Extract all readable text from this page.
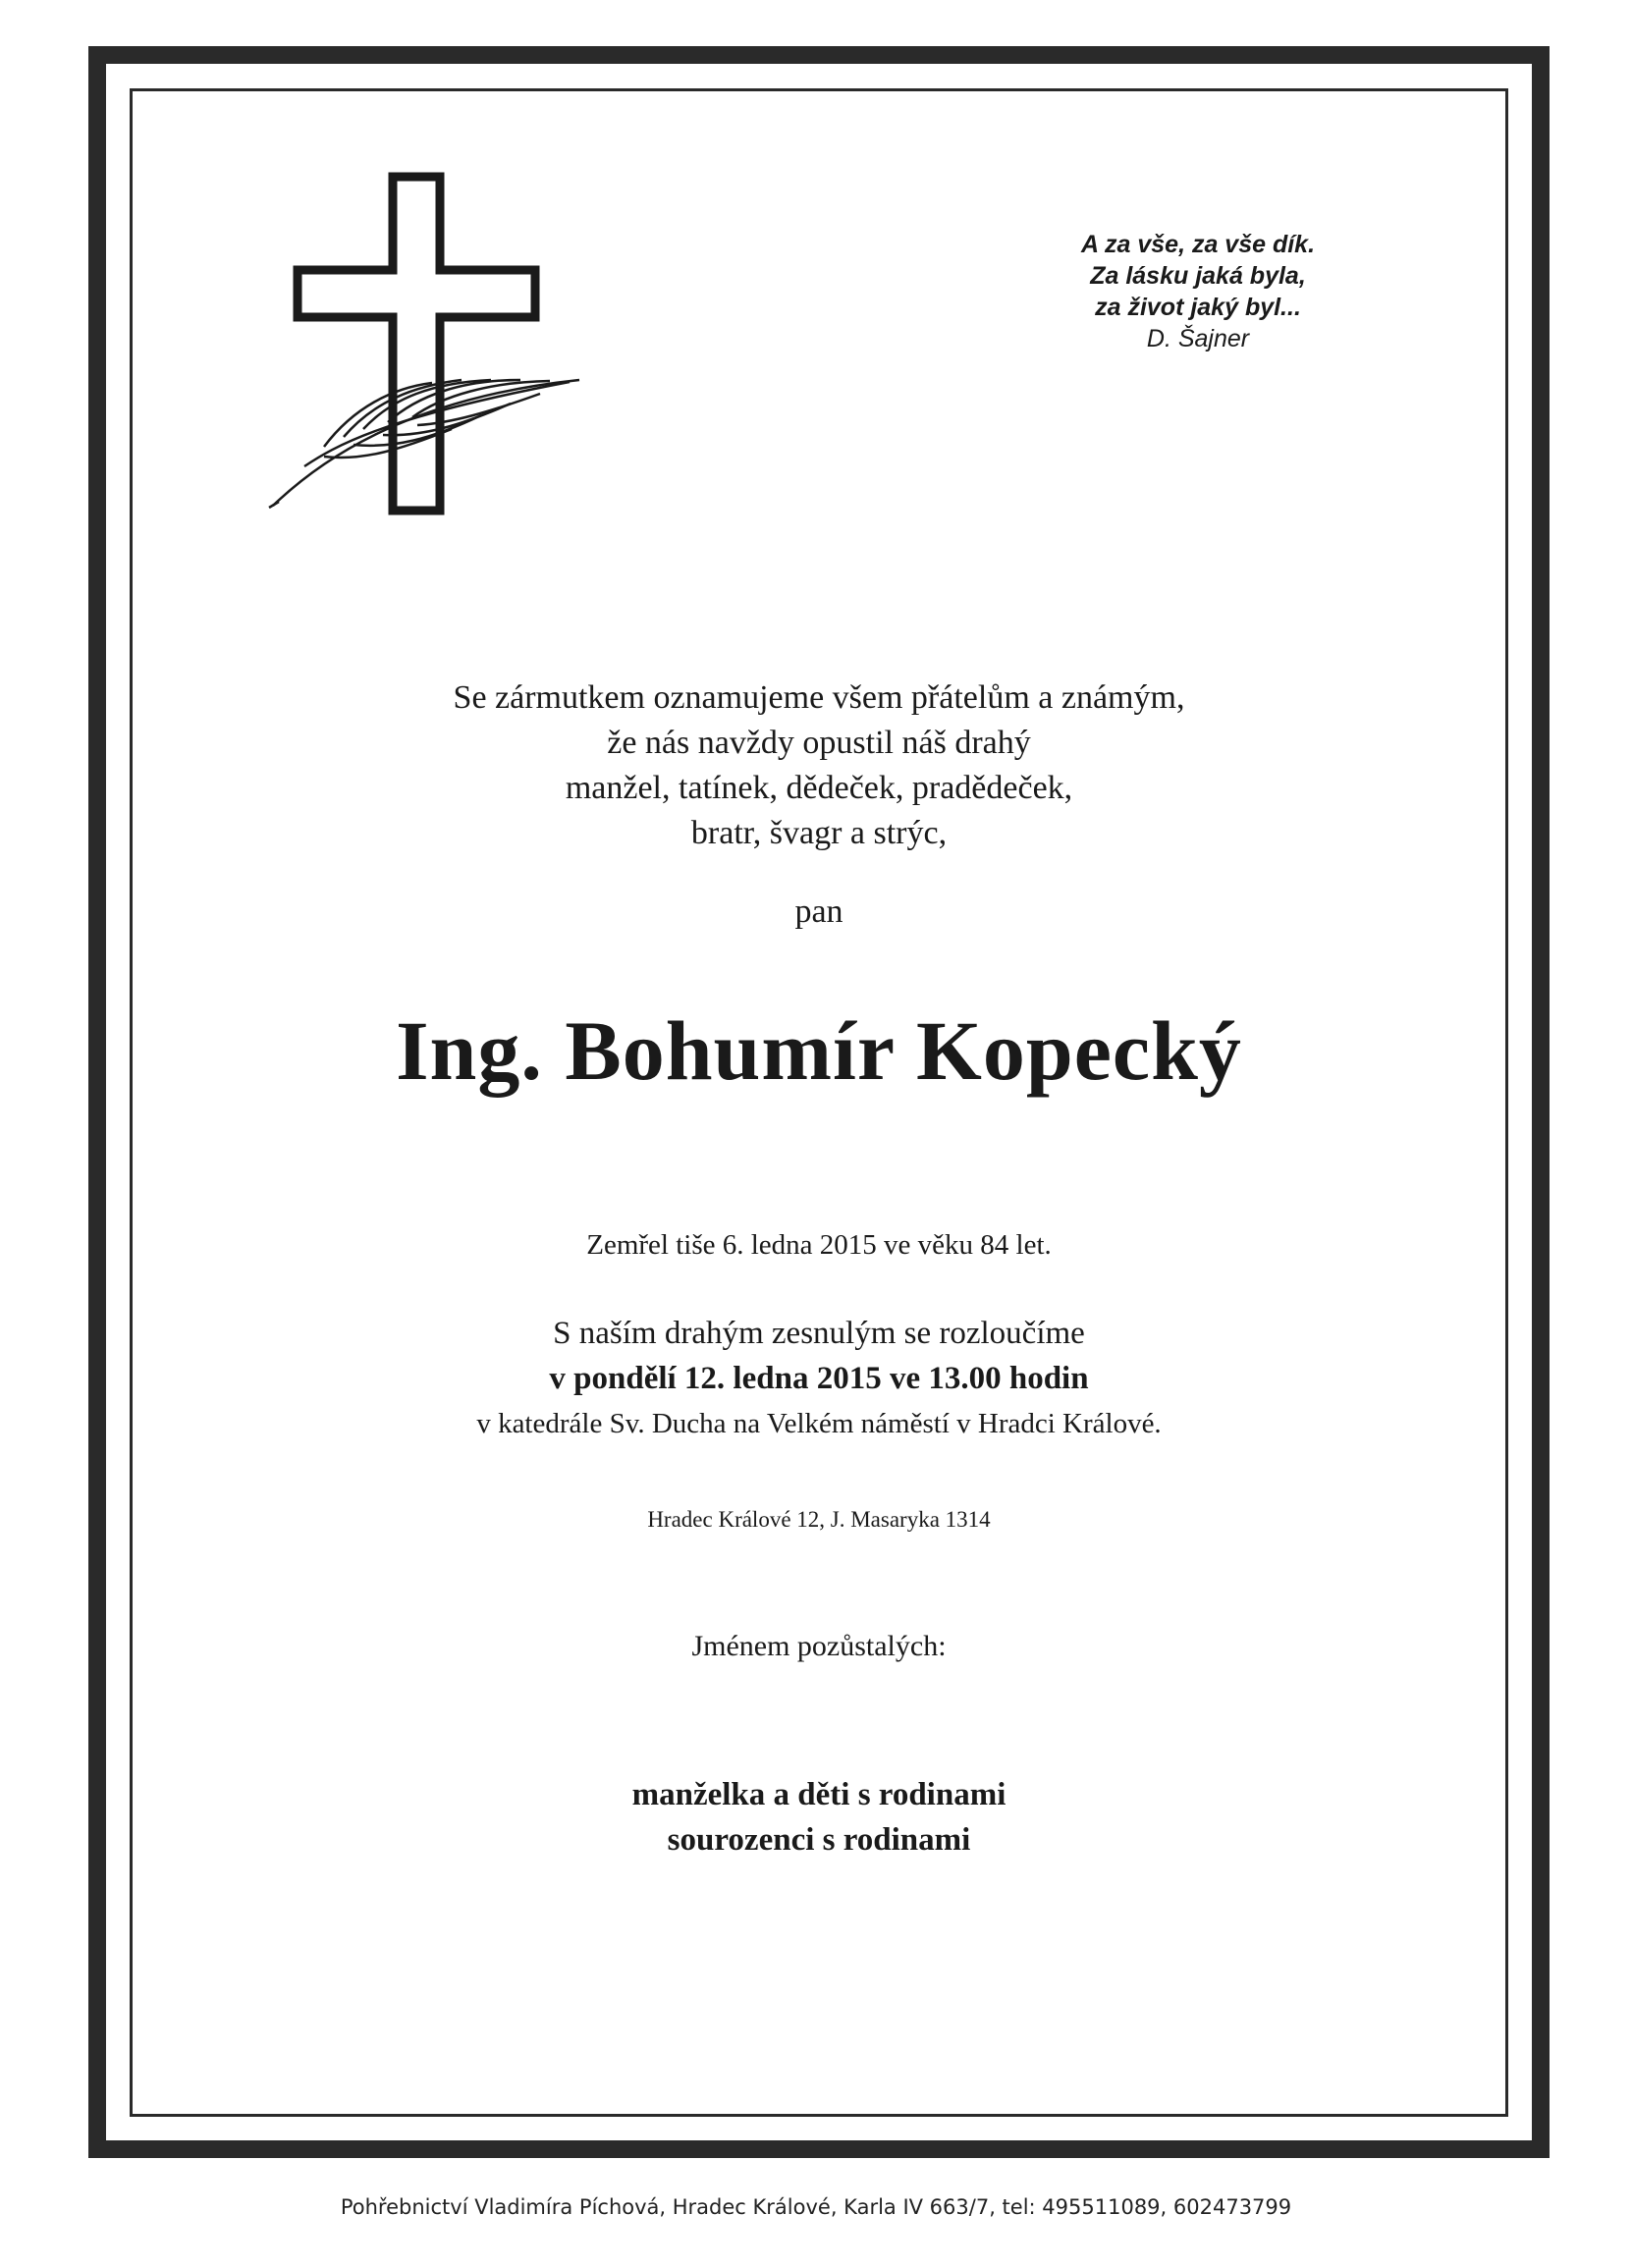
A za vše, za vše dík.
Za lásku jaká byla,
za život jaký byl...
D. Šajner
Se zármutkem oznamujeme všem přátelům a známým,
že nás navždy opustil náš drahý
manžel, tatínek, dědeček, pradědeček,
bratr, švagr a strýc,
pan
Ing. Bohumír Kopecký
Zemřel tiše 6. ledna 2015 ve věku 84 let.
S naším drahým zesnulým se rozloučíme
v pondělí 12. ledna 2015 ve 13.00 hodin
v katedrále Sv. Ducha na Velkém náměstí v Hradci Králové.
Hradec Králové 12, J. Masaryka 1314
Jménem pozůstalých:
manželka a děti s rodinami
sourozenci s rodinami
Pohřebnictví Vladimíra Píchová, Hradec Králové, Karla IV 663/7, tel: 495511089, 602473799
